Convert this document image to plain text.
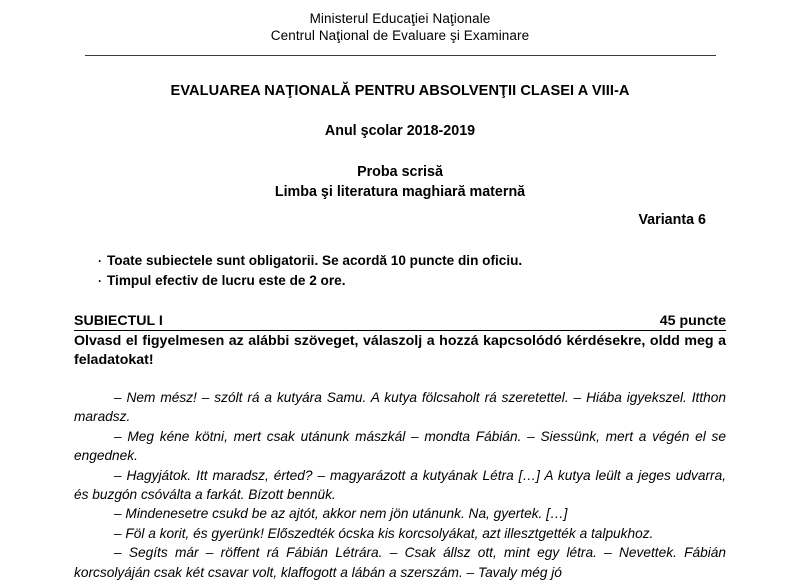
Ministerul Educaţiei Naţionale
Centrul Naţional de Evaluare şi Examinare
EVALUAREA NAŢIONALĂ PENTRU ABSOLVENŢII CLASEI A VIII-A
Anul şcolar 2018-2019
Proba scrisă
Limba şi literatura maghiară maternă
Varianta 6
· Toate subiectele sunt obligatorii. Se acordă 10 puncte din oficiu.
· Timpul efectiv de lucru este de 2 ore.
SUBIECTUL I	45 puncte
Olvasd el figyelmesen az alábbi szöveget, válaszolj a hozzá kapcsolódó kérdésekre, oldd meg a feladatokat!

– Nem mész! – szólt rá a kutyára Samu. A kutya fölcsaholt rá szeretettel. – Hiába igyekszel. Itthon maradsz.

– Meg kéne kötni, mert csak utánunk mászkál – mondta Fábián. – Siessünk, mert a végén el se engednek.

– Hagyjátok. Itt maradsz, érted? – magyarázott a kutyának Létra […] A kutya leült a jeges udvarra, és buzgón csóválta a farkát. Bízott bennük.

– Mindenesetre csukd be az ajtót, akkor nem jön utánunk. Na, gyertek. […]

– Föl a korit, és gyerünk! Előszedték ócska kis korcsolyákat, azt illesztgették a talpukhoz.

– Segíts már – röffent rá Fábián Létrára. – Csak állsz ott, mint egy létra. – Nevettek. Fábián korcsolyáján csak két csavar volt, klaffogott a lábán a szerszám. – Tavaly még jó
